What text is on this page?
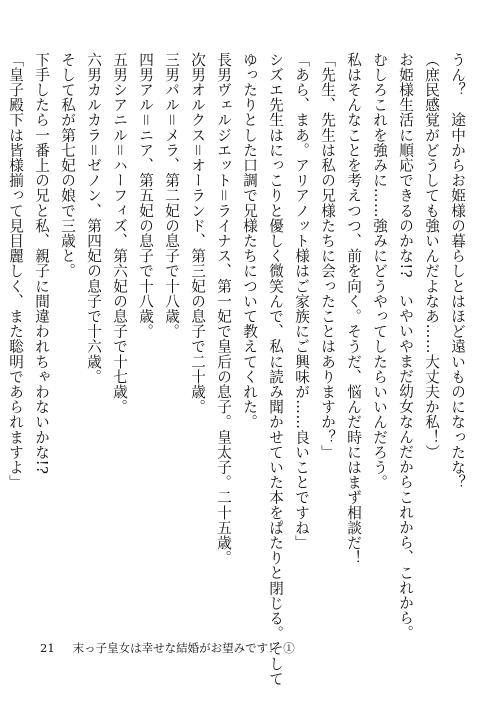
うん？　途中からお姫様の暮らしとはほど遠いものになったな？
（庶民感覚がどうしても強いんだよなあ……大丈夫か私！）
お姫様生活に順応できるのかな!?　いやいやまだ幼女なんだからこれから、これから。
むしろこれを強みに……強みにどうやってしたらいいんだろう。
私はそんなことを考えつつ、前を向く。そうだ、悩んだ時にはまず相談だ！
「先生、先生は私の兄様たちに会ったことはありますか？」
「あら、まあ。アリアノット様はご家族にご興味が……良いことですね」
シズエ先生はにっこりと優しく微笑んで、私に読み聞かせていた本をぱたりと閉じる。そして
ゆったりとした口調で兄様たちについて教えてくれた。
長男ヴェルジエット＝ライナス、第一妃で皇后の息子。皇太子。二十五歳。
次男オルクス＝オーランド、第三妃の息子で二十歳。
三男パル＝メラ、第二妃の息子で十八歳。
四男アル＝ニア、第五妃の息子で十八歳。
五男シアニル＝ハーフィズ、第六妃の息子で十七歳。
六男カルカラ＝ゼノン、第四妃の息子で十六歳。
そして私が第七妃の娘で三歳と。
下手したら一番上の兄と私、親子に間違われちゃわないかな!?
「皇子殿下は皆様揃って見目麗しく、また聡明であられますよ」
21 末っ子皇女は幸せな結婚がお望みです！ ①
